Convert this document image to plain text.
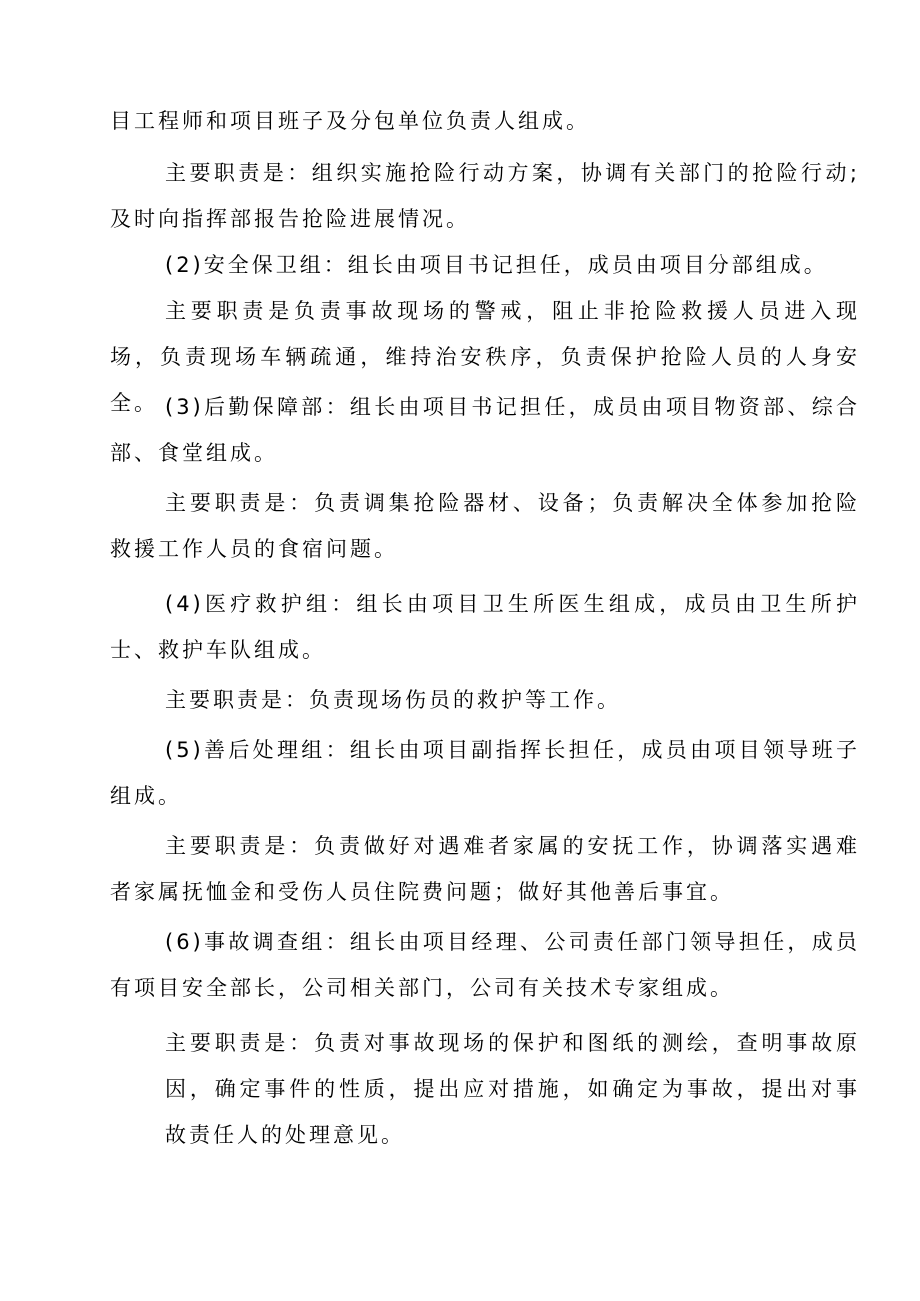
目工程师和项目班子及分包单位负责人组成。

主要职责是：组织实施抢险行动方案，协调有关部门的抢险行动;及时向指挥部报告抢险进展情况。

(2)安全保卫组：组长由项目书记担任，成员由项目分部组成。

主要职责是负责事故现场的警戒，阻止非抢险救援人员进入现场，负责现场车辆疏通，维持治安秩序，负责保护抢险人员的人身安全。 (3)后勤保障部：组长由项目书记担任，成员由项目物资部、综合部、食堂组成。

主要职责是：负责调集抢险器材、设备；负责解决全体参加抢险救援工作人员的食宿问题。

(4)医疗救护组：组长由项目卫生所医生组成，成员由卫生所护士、救护车队组成。

主要职责是：负责现场伤员的救护等工作。

(5)善后处理组：组长由项目副指挥长担任，成员由项目领导班子组成。

主要职责是：负责做好对遇难者家属的安抚工作，协调落实遇难者家属抚恤金和受伤人员住院费问题；做好其他善后事宜。

(6)事故调查组：组长由项目经理、公司责任部门领导担任，成员有项目安全部长，公司相关部门，公司有关技术专家组成。

主要职责是：负责对事故现场的保护和图纸的测绘，查明事故原因，确定事件的性质，提出应对措施，如确定为事故，提出对事故责任人的处理意见。
